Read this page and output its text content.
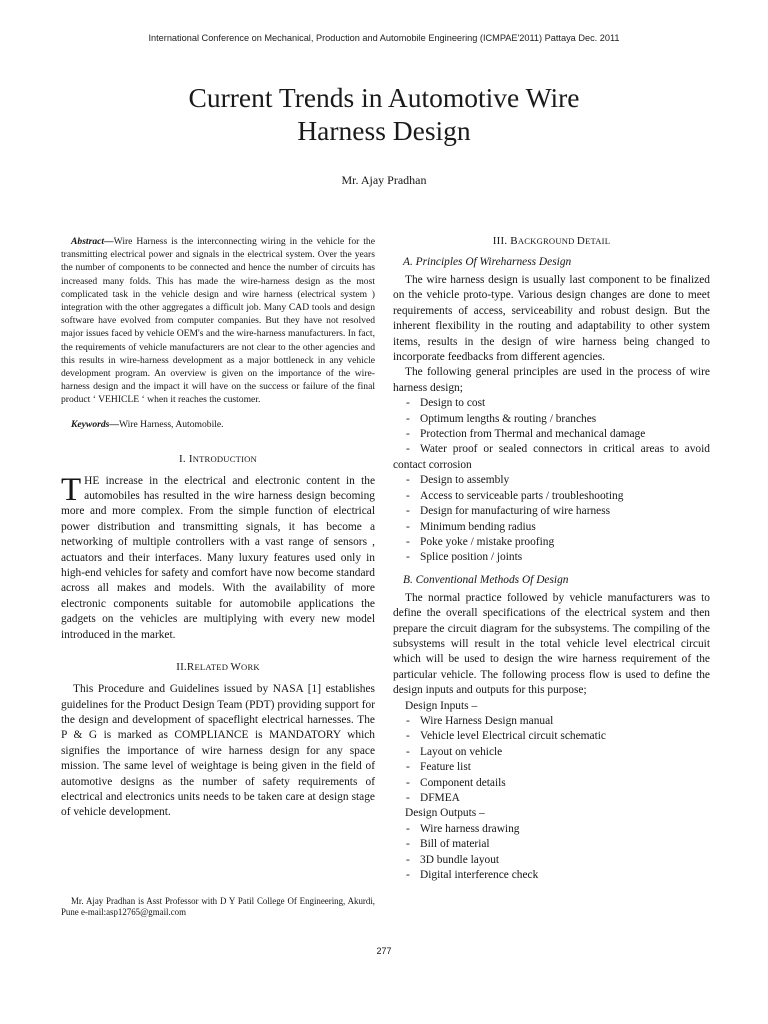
International Conference on Mechanical, Production and Automobile Engineering (ICMPAE'2011) Pattaya Dec. 2011
Current Trends in Automotive Wire
Harness Design
Mr. Ajay Pradhan

Abstract—Wire Harness is the interconnecting wiring in the vehicle for the transmitting electrical power and signals in the electrical system. Over the years the number of components to be connected and hence the number of circuits has increased many folds. This has made the wire-harness design as the most complicated task in the vehicle design and wire harness (electrical system ) integration with the other aggregates a difficult job. Many CAD tools and design software have evolved from computer companies. But they have not resolved major issues faced by vehicle OEM's and the wire-harness manufacturers. In fact, the requirements of vehicle manufacturers are not clear to the other agencies and this results in wire-harness development as a major bottleneck in any vehicle development program. An overview is given on the importance of the wire-harness design and the impact it will have on the success or failure of the final product ‘ VEHICLE ‘ when it reaches the customer.

Keywords—Wire Harness, Automobile.

I. INTRODUCTION

THE increase in the electrical and electronic content in the automobiles has resulted in the wire harness design becoming more and more complex. From the simple function of electrical power distribution and transmitting signals, it has become a networking of multiple controllers with a vast range of sensors , actuators and their interfaces. Many luxury features used only in high-end vehicles for safety and comfort have now become standard across all makes and models. With the availability of more electronic components suitable for automobile applications the gadgets on the vehicles are multiplying with every new model introduced in the market.

II.RELATED WORK

This Procedure and Guidelines issued by NASA [1] establishes guidelines for the Product Design Team (PDT) providing support for the design and development of spaceflight electrical harnesses. The P & G is marked as COMPLIANCE is MANDATORY which signifies the importance of wire harness design for any space mission. The same level of weightage is being given in the field of automotive designs as the number of safety requirements of electrical and electronics units needs to be taken care at design stage of vehicle development.

Mr. Ajay Pradhan is Asst Professor with D Y Patil College Of Engineering, Akurdi, Pune e-mail:asp12765@gmail.com
III. BACKGROUND DETAIL
A. Principles Of Wireharness Design

The wire harness design is usually last component to be finalized on the vehicle proto-type. Various design changes are done to meet requirements of access, serviceability and robust design. But the inherent flexibility in the routing and adaptability to other system items, results in the design of wire harness being changed to incorporate feedbacks from different agencies.

The following general principles are used in the process of wire harness design;

- Design to cost
- Optimum lengths & routing / branches
- Protection from Thermal and mechanical damage
- Water proof or sealed connectors in critical areas to avoid contact corrosion
- Design to assembly
- Access to serviceable parts / troubleshooting
- Design for manufacturing of wire harness
- Minimum bending radius
- Poke yoke / mistake proofing
- Splice position / joints
B. Conventional Methods Of Design

The normal practice followed by vehicle manufacturers was to define the overall specifications of the electrical system and then prepare the circuit diagram for the subsystems. The compiling of the subsystems will result in the total vehicle level electrical circuit which will be used to design the wire harness requirement of the particular vehicle. The following process flow is used to define the design inputs and outputs for this purpose;

Design Inputs –
- Wire Harness Design manual
- Vehicle level Electrical circuit schematic
- Layout on vehicle
- Feature list
- Component details
- DFMEA
Design Outputs –
- Wire harness drawing
- Bill of material
- 3D bundle layout
- Digital interference check
277
